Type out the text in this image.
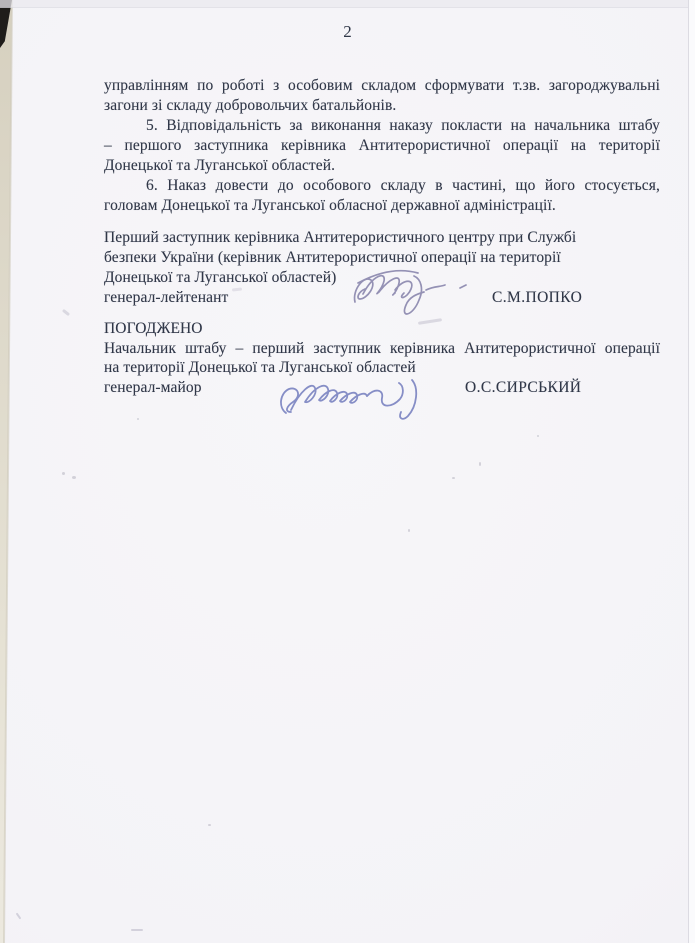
2
управлінням по роботі з особовим складом сформувати т.зв. загороджувальні
загони зі складу добровольчих батальйонів.
5. Відповідальність за виконання наказу покласти на начальника штабу
– першого заступника керівника Антитерористичної операції на території
Донецької та Луганської областей.
6. Наказ довести до особового складу в частині, що його стосується,
головам Донецької та Луганської обласної державної адміністрації.
Перший заступник керівника Антитерористичного центру при Службі
безпеки України (керівник Антитерористичної операції на території
Донецької та Луганської областей)
генерал-лейтенант	С.М.ПОПКО
ПОГОДЖЕНО
Начальник штабу – перший заступник керівника Антитерористичної операції
на території Донецької та Луганської областей
генерал-майор	О.С.СИРСЬКИЙ
